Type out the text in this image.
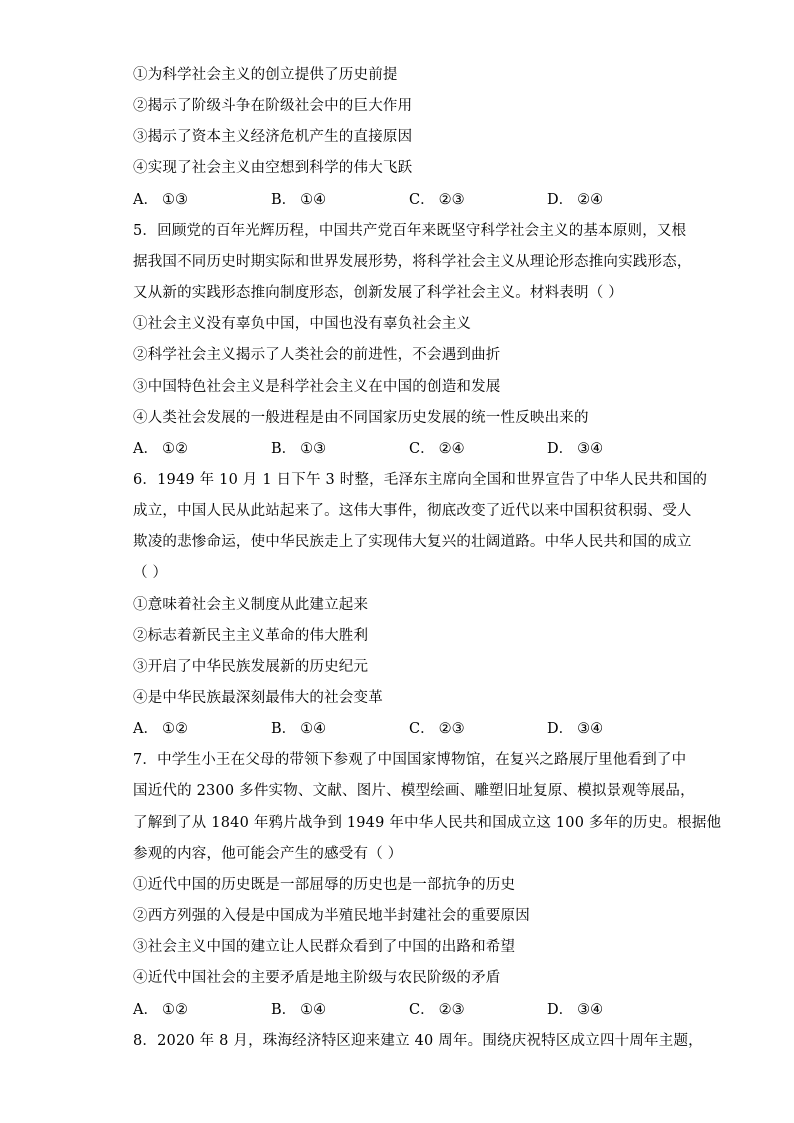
①为科学社会主义的创立提供了历史前提
②揭示了阶级斗争在阶级社会中的巨大作用
③揭示了资本主义经济危机产生的直接原因
④实现了社会主义由空想到科学的伟大飞跃
A． ①③	B． ①④	C． ②③	D． ②④
5．回顾党的百年光辉历程，中国共产党百年来既坚守科学社会主义的基本原则，又根
据我国不同历史时期实际和世界发展形势，将科学社会主义从理论形态推向实践形态，
又从新的实践形态推向制度形态，创新发展了科学社会主义。材料表明（ ）
①社会主义没有辜负中国，中国也没有辜负社会主义
②科学社会主义揭示了人类社会的前进性，不会遇到曲折
③中国特色社会主义是科学社会主义在中国的创造和发展
④人类社会发展的一般进程是由不同国家历史发展的统一性反映出来的
A． ①②	B． ①③	C． ②④	D． ③④
6．1949 年 10 月 1 日下午 3 时整，毛泽东主席向全国和世界宣告了中华人民共和国的
成立，中国人民从此站起来了。这伟大事件，彻底改变了近代以来中国积贫积弱、受人
欺凌的悲惨命运，使中华民族走上了实现伟大复兴的壮阔道路。中华人民共和国的成立
（ ）
①意味着社会主义制度从此建立起来
②标志着新民主主义革命的伟大胜利
③开启了中华民族发展新的历史纪元
④是中华民族最深刻最伟大的社会变革
A． ①②	B． ①④	C． ②③	D． ③④
7．中学生小王在父母的带领下参观了中国国家博物馆，在复兴之路展厅里他看到了中
国近代的 2300 多件实物、文献、图片、模型绘画、雕塑旧址复原、模拟景观等展品，
了解到了从 1840 年鸦片战争到 1949 年中华人民共和国成立这 100 多年的历史。根据他
参观的内容，他可能会产生的感受有（ ）
①近代中国的历史既是一部屈辱的历史也是一部抗争的历史
②西方列强的入侵是中国成为半殖民地半封建社会的重要原因
③社会主义中国的建立让人民群众看到了中国的出路和希望
④近代中国社会的主要矛盾是地主阶级与农民阶级的矛盾
A． ①②	B． ①④	C． ②③	D． ③④
8．2020 年 8 月，珠海经济特区迎来建立 40 周年。围绕庆祝特区成立四十周年主题，
